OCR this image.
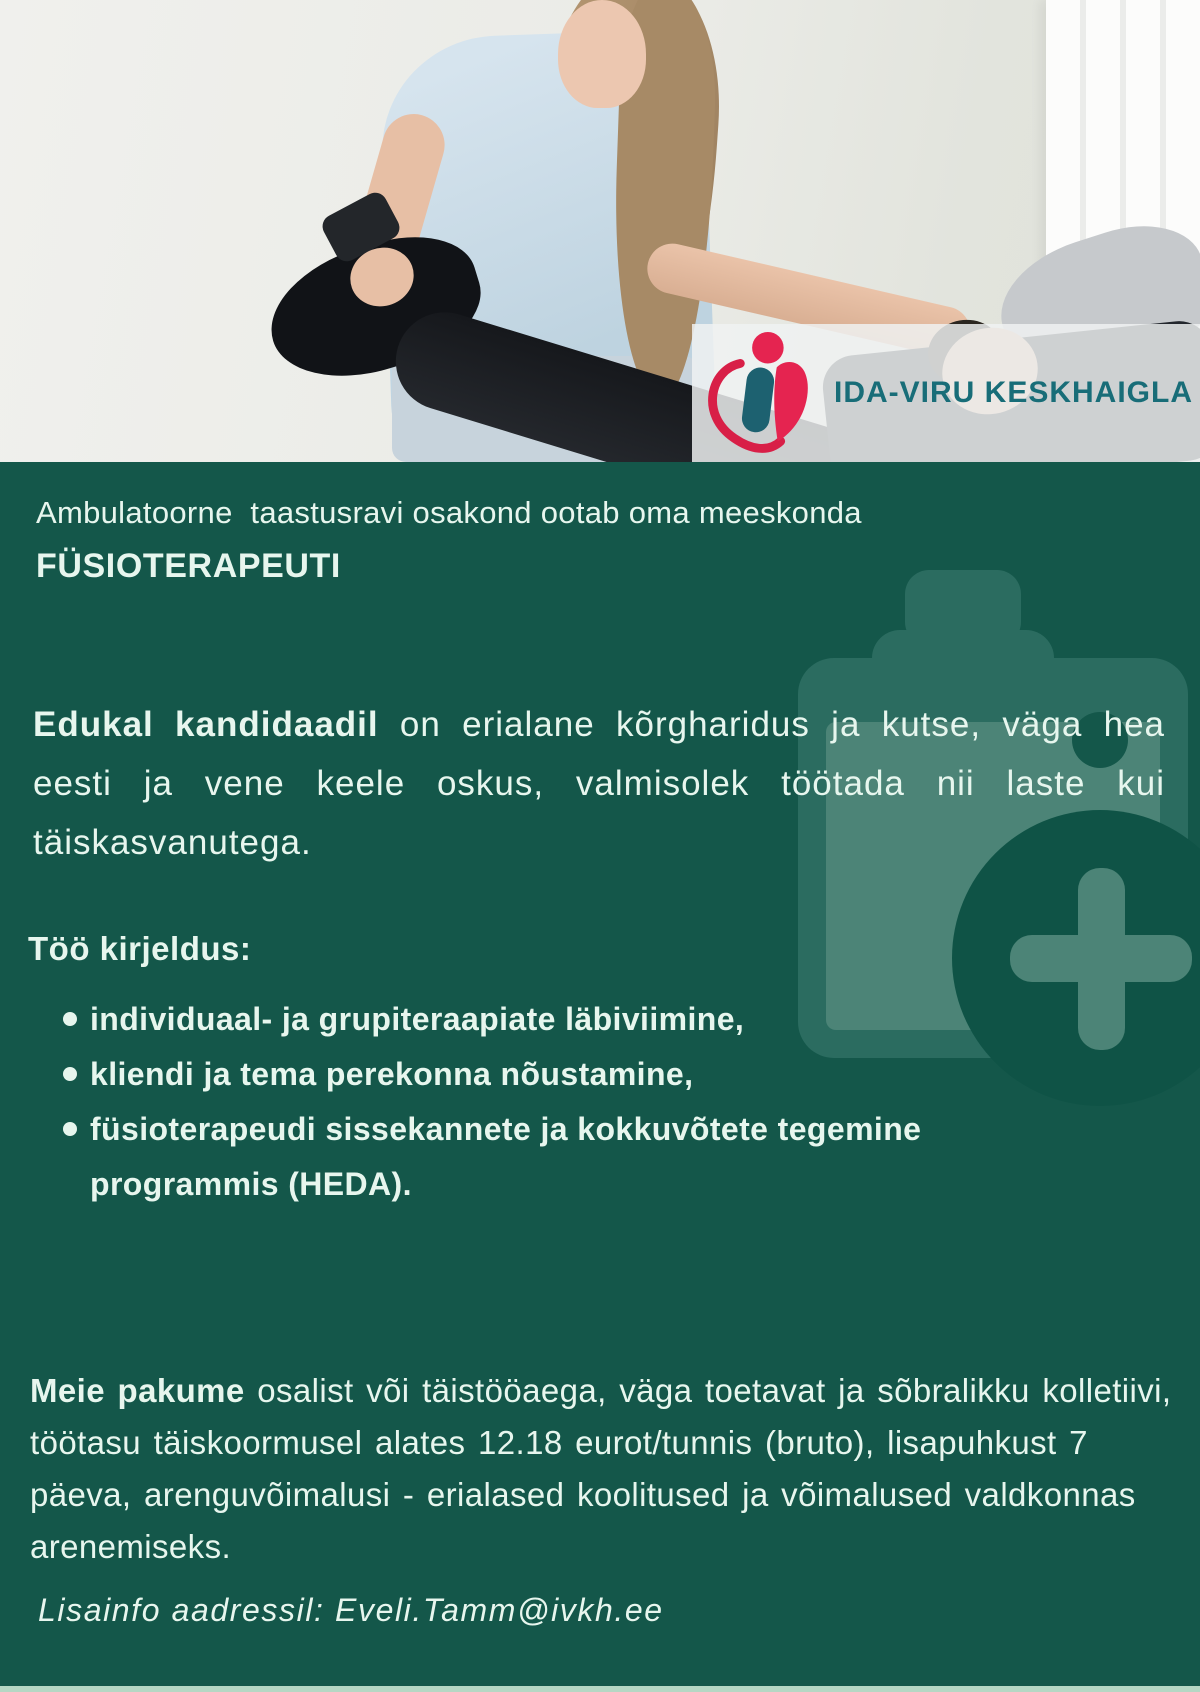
IDA-VIRU KESKHAIGLA
Ambulatoorne  taastusravi osakond ootab oma meeskonda
FÜSIOTERAPEUTI

Edukal kandidaadil on erialane kõrgharidus ja kutse, väga hea eesti ja vene keele oskus, valmisolek töötada nii laste kui täiskasvanutega.

Töö kirjeldus:
individuaal- ja grupiteraapiate läbiviimine,
kliendi ja tema perekonna nõustamine,
füsioterapeudi sissekannete ja kokkuvõtete tegemine programmis (HEDA).

Meie pakume osalist või täistööaega, väga toetavat ja sõbralikku kolletiivi, töötasu täiskoormusel alates 12.18 eurot/tunnis (bruto), lisapuhkust 7 päeva, arenguvõimalusi - erialased koolitused ja võimalused valdkonnas arenemiseks.

Lisainfo aadressil: Eveli.Tamm@ivkh.ee
